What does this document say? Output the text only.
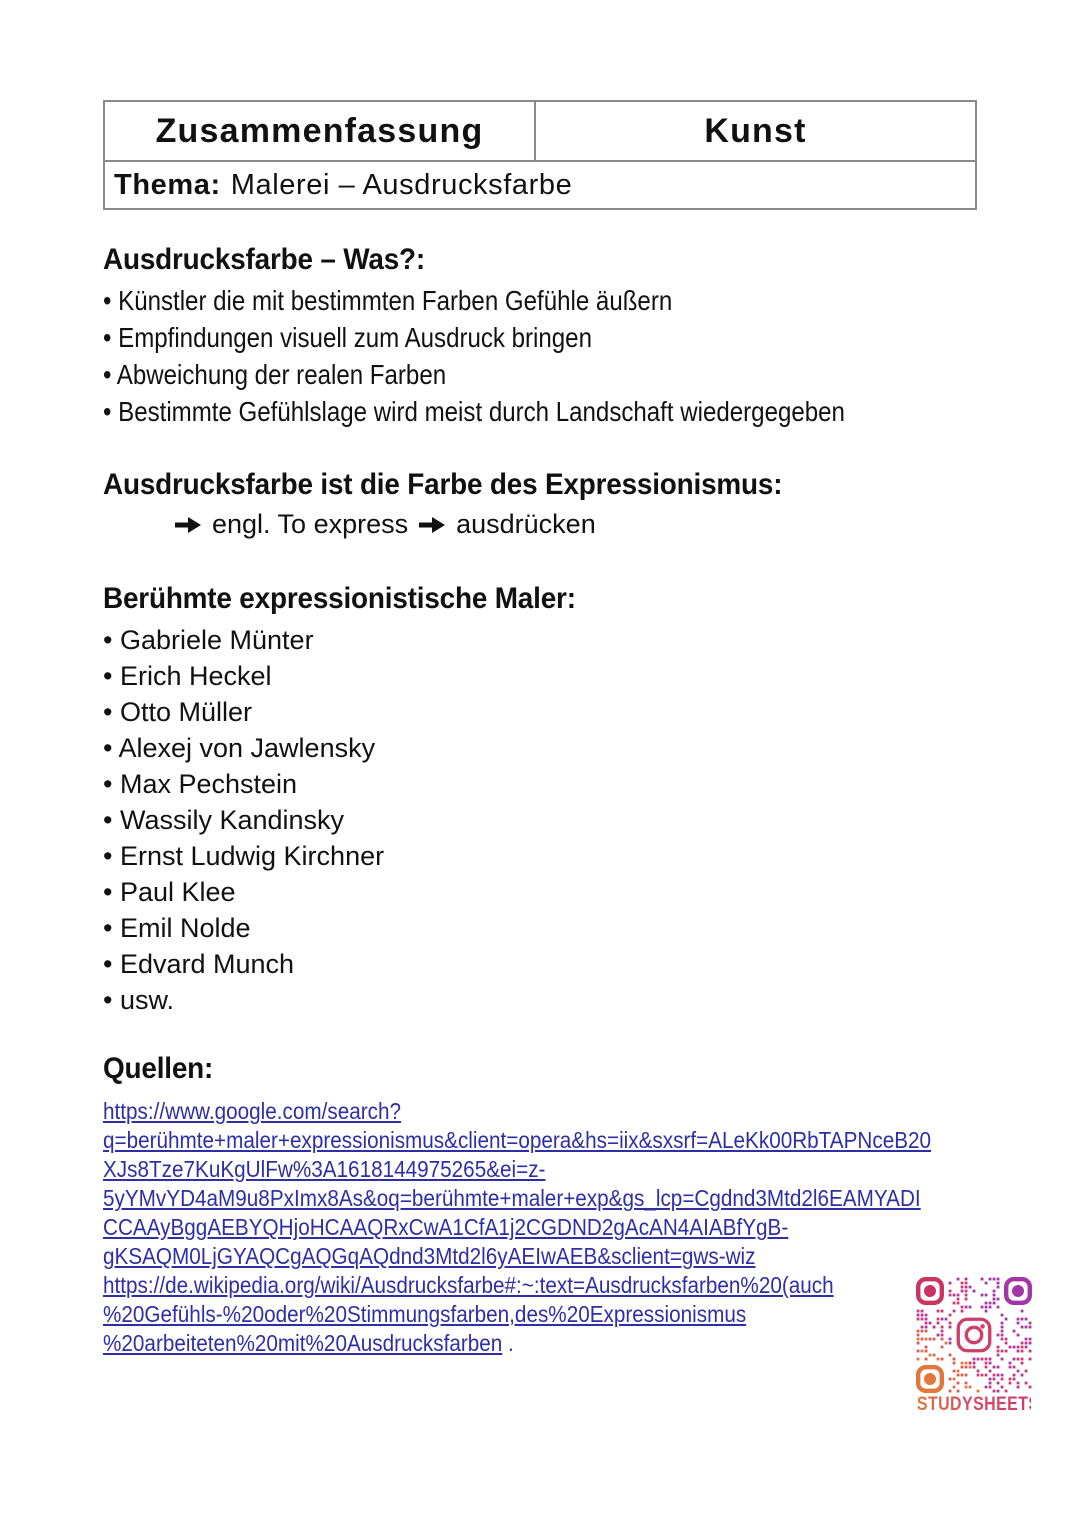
Zusammenfassung	Kunst
Thema: Malerei – Ausdrucksfarbe
Ausdrucksfarbe – Was?:
• Künstler die mit bestimmten Farben Gefühle äußern
• Empfindungen visuell zum Ausdruck bringen
• Abweichung der realen Farben
• Bestimmte Gefühlslage wird meist durch Landschaft wiedergegeben
Ausdrucksfarbe ist die Farbe des Expressionismus:
engl. To express ausdrücken
Berühmte expressionistische Maler:
• Gabriele Münter
• Erich Heckel
• Otto Müller
• Alexej von Jawlensky
• Max Pechstein
• Wassily Kandinsky
• Ernst Ludwig Kirchner
• Paul Klee
• Emil Nolde
• Edvard Munch
• usw.
Quellen:
https://www.google.com/search?
q=berühmte+maler+expressionismus&client=opera&hs=iix&sxsrf=ALeKk00RbTAPNceB20
XJs8Tze7KuKgUlFw%3A1618144975265&ei=z-
5yYMvYD4aM9u8PxImx8As&oq=berühmte+maler+exp&gs_lcp=Cgdnd3Mtd2l6EAMYADI
CCAAyBggAEBYQHjoHCAAQRxCwA1CfA1j2CGDND2gAcAN4AIABfYgB-
gKSAQM0LjGYAQCgAQGqAQdnd3Mtd2l6yAEIwAEB&sclient=gws-wiz
https://de.wikipedia.org/wiki/Ausdrucksfarbe#:~:text=Ausdrucksfarben%20(auch
%20Gefühls-%20oder%20Stimmungsfarben,des%20Expressionismus
%20arbeiteten%20mit%20Ausdrucksfarben .
STUDYSHEETS.PC
